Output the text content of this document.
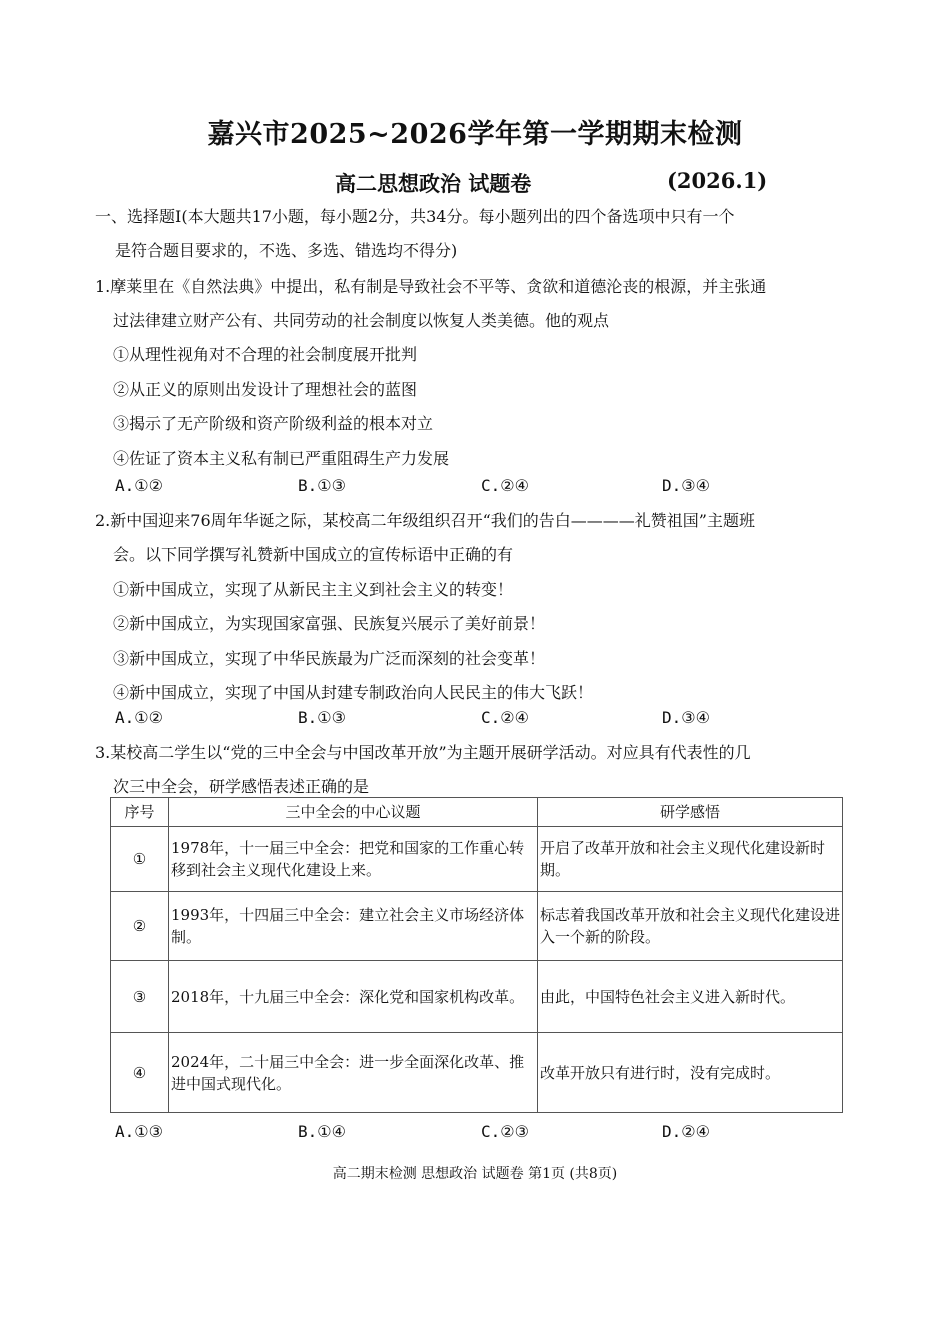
嘉兴市2025~2026学年第一学期期末检测
高二思想政治 试题卷	(2026.1)
一、选择题Ⅰ(本大题共17小题，每小题2分，共34分。每小题列出的四个备选项中只有一个
是符合题目要求的，不选、多选、错选均不得分)
1.摩莱里在《自然法典》中提出，私有制是导致社会不平等、贪欲和道德沦丧的根源，并主张通
过法律建立财产公有、共同劳动的社会制度以恢复人类美德。他的观点
①从理性视角对不合理的社会制度展开批判
②从正义的原则出发设计了理想社会的蓝图
③揭示了无产阶级和资产阶级利益的根本对立
④佐证了资本主义私有制已严重阻碍生产力发展
A.①②	B.①③	C.②④	D.③④
2.新中国迎来76周年华诞之际，某校高二年级组织召开“我们的告白————礼赞祖国”主题班
会。以下同学撰写礼赞新中国成立的宣传标语中正确的有
①新中国成立，实现了从新民主主义到社会主义的转变！
②新中国成立，为实现国家富强、民族复兴展示了美好前景！
③新中国成立，实现了中华民族最为广泛而深刻的社会变革！
④新中国成立，实现了中国从封建专制政治向人民民主的伟大飞跃！
A.①②	B.①③	C.②④	D.③④
3.某校高二学生以“党的三中全会与中国改革开放”为主题开展研学活动。对应具有代表性的几
次三中全会，研学感悟表述正确的是
序号	三中全会的中心议题	研学感悟
①	1978年，十一届三中全会：把党和国家的工作重心转移到社会主义现代化建设上来。	开启了改革开放和社会主义现代化建设新时期。
②	1993年，十四届三中全会：建立社会主义市场经济体制。	标志着我国改革开放和社会主义现代化建设进入一个新的阶段。
③	2018年，十九届三中全会：深化党和国家机构改革。	由此，中国特色社会主义进入新时代。
④	2024年，二十届三中全会：进一步全面深化改革、推进中国式现代化。	改革开放只有进行时，没有完成时。
A.①③	B.①④	C.②③	D.②④
高二期末检测 思想政治 试题卷 第1页 (共8页)
